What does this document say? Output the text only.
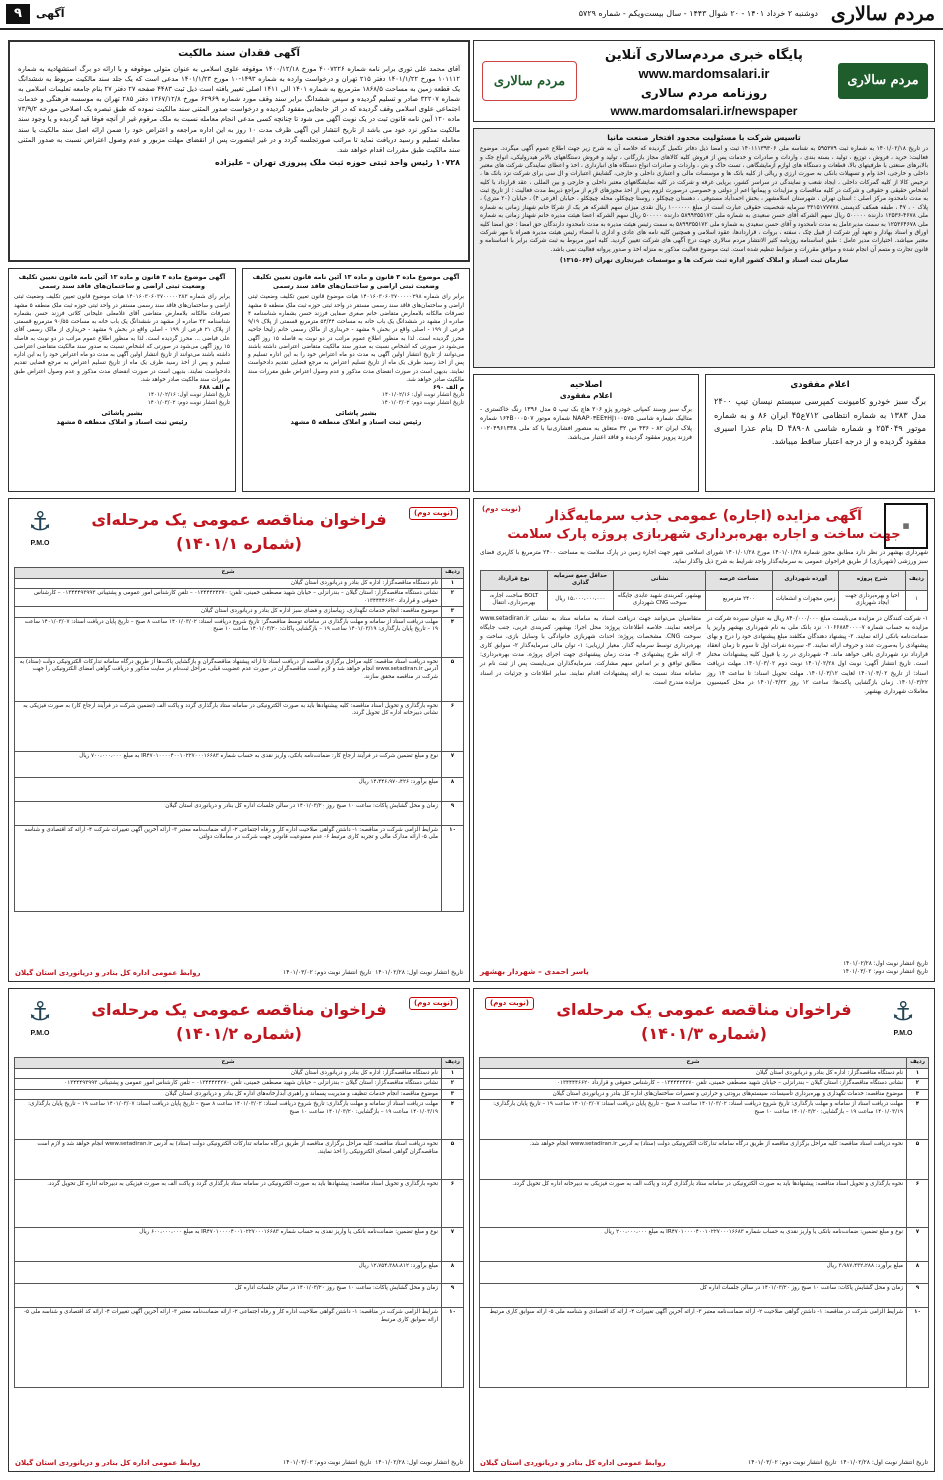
مردم سالاری
دوشنبه ۲ خرداد ۱۴۰۱ - ۲۰ شوال ۱۴۴۳ - سال بیست‌و‌یکم - شماره ۵۷۲۹
آگهی
۹
مردم سالاری
مردم سالاری
پایگاه خبری مردم‌سالاری آنلاین
www.mardomsalari.ir
روزنامه مردم سالاری
www.mardomsalari.ir/newspaper
تاسیس شرکت با مسئولیت محدود افتخار صنعت مانیا
در تاریخ ۱۴۰۱/۰۲/۱۸ به شماره ثبت ۵۹۵۳۷۹ به شناسه ملی ۱۴۰۱۱۱۳۹۳۰۶ ثبت و امضا ذیل دفاتر تکمیل گردیده که خلاصه آن به شرح زیر جهت اطلاع عموم آگهی میگردد. موضوع فعالیت: خرید ، فروش ، توزیع ، تولید ، بسته بندی ، واردات و صادرات و خدمات پس از فروش کلیه کالاهای مجاز بازرگانی ، تولید و فروش دستگاههای بالابر هیدرولیکی، انواع جک و بالابرهای صنعتی با ظرفیتهای بالا، قطعات و دستگاه های لوازم آزمایشگاهی ، تست خاک و بتن ، واردات و صادرات انواع دستگاه های انبارداری ، اخذ و اعطای نمایندگی شرکت های معتبر داخلی و خارجی، اخذ وام و تسهیلات بانکی به صورت ارزی و ریالی از کلیه بانک ها و موسسات مالی و اعتباری داخلی و خارجی، گشایش اعتبارات و ال سی برای شرکت نزد بانک ها ، ترخیص کالا از کلیه گمرکات داخلی ، ایجاد شعب و نمایندگی در سراسر کشور، برپایی غرفه و شرکت در کلیه نمایشگاههای معتبر داخلی و خارجی و بین المللی ، عقد قرارداد با کلیه اشخاص حقیقی و حقوقی و شرکت در کلیه مناقصات و مزایدات و پیمانها اعم از دولتی و خصوصی درصورت لزوم پس از اخذ مجوزهای لازم از مراجع ذیربط مدت فعالیت : از تاریخ ثبت به مدت نامحدود مرکز اصلی : استان تهران ، شهرستان اسلامشهر ، بخش احمدآباد مستوفی ، دهستان چیچکلو ، روستا چیچکلو، محله چیچکلو ، خیابان (فرعی ۴) ، خیابان (۲۰ متری) ، پلاک ۰ ، ۴۷ ، طبقه همکف کدپستی ۳۳۱۵۱۷۷۷۷۸ سرمایه شخصیت حقوقی عبارت است از مبلغ ۱۰۰۰۰۰۰ ریال نقدی میزان سهم الشرکه هر یک از شرکا خانم شهناز زمانی به شماره ملی ۴۶۷۸-۱۲۵۳۶ دارنده ۵۰۰۰۰۰ ریال سهم الشرکه آقای حسن سعیدی به شماره ملی ۵۸۹۹۳۵۵۱۷۲ دارنده ۵۰۰۰۰۰ ریال سهم الشرکه اعضا هیئت مدیره خانم شهناز زمانی به شماره ملی ۱۲۵۳۶۴۶۷۸ به سمت مدیرعامل به مدت نامحدود و آقای حسن سعیدی به شماره ملی ۵۸۹۹۳۵۵۱۷۲ به سمت رئیس هیئت مدیره به مدت نامحدود دارندگان حق امضا : حق امضا کلیه اوراق و اسناد بهادار و تعهد آور شرکت از قبیل چک ، سفته ، بروات ، قراردادها، عقود اسلامی و همچنین کلیه نامه های عادی و اداری با امضاء رئیس هیئت مدیره همراه با مهر شرکت معتبر میباشد. اختیارات مدیر عامل : طبق اساسنامه روزنامه کثیر الانتشار مردم سالاری جهت درج آگهی های شرکت تعیین گردید. کلیه امور مربوط به ثبت شرکت برابر با اساسنامه و قانون تجارت و متمم آن انجام شده و موافق مقررات و ضوابط تنظیم شده است. ثبت موضوع فعالیت مذکور به منزله اخذ و صدور پروانه فعالیت نمی باشد.
سازمان ثبت اسناد و املاک کشور اداره ثبت شرکت ها و موسسات غیرتجاری تهران (۱۳۱۵۰۶۴)
آگهی فقدان سند مالکیت
آقای محمد علی توری برابر نامه شماره ۴۰۰۷۲۲۶ مورخ ۱۴۰۰/۱۲/۱۸ موقوفه علوی اسلامی به عنوان متولی موقوفه و با ارائه دو برگ استشهادیه به شماره ۱۰۱۱۱۲ مورخ ۱۴۰۱/۱/۲۲ دفتر ۲۱۵ تهران و درخواست وارده به شماره ۱۴۹۳-۱۰ مورخ ۱۴۰۱/۱/۲۳ مدعی است که یک جلد سند مالکیت مربوط به ششدانگ یک قطعه زمین به مساحت ۱۸۶۸/۵ مترمربع به شماره ۱۴۰۱ الی ۱۴۱۱ اصلی تغییر یافته است ذیل ثبت ۴۴۸۳ صفحه ۲۷ دفتر ۲۷ بنام جامعه تعلیمات اسلامی به شماره ۳۲۲۰۷ صادر و تسلیم گردیده و سپس ششدانگ برابر سند وقف مورد شماره ۶۲۹۶۹ مورخ ۱۳۶۷/۱۲/۸ دفتر ۲۸۵ تهران به موسسه فرهنگی و خدمات اجتماعی علوی اسلامی وقف گردیده که در اثر جابجایی مفقود گردیده و درخواست صدور المثنی سند مالکیت نموده که طبق تبصره یک اصلاحی مورخه ۷۳/۹/۲ ماده ۱۲۰ آیین نامه قانون ثبت در یک نوبت آگهی می شود تا چنانچه کسی مدعی انجام معامله نسبت به ملک مرقوم غیر از آنچه فوقا قید گردیده و یا وجود سند مالکیت مذکور نزد خود می باشد از تاریخ انتشار این آگهی ظرف مدت ۱۰ روز به این اداره مراجعه و اعتراض خود را ضمن ارائه اصل سند مالکیت یا سند معامله تسلیم و رسید دریافت نماید تا مراتب صورتجلسه گردد و در غیر اینصورت پس از انقضای مهلت مزبور و عدم وصول اعتراض نسبت به صدور المثنی سند مالکیت طبق مقررات اقدام خواهد شد.
۱۰۷۲۸ رئیس واحد ثبتی حوزه ثبت ملک پیروزی تهران – علیزاده
آگهی موضوع ماده ۳ قانون و ماده ۱۳ آئین نامه قانون تعیین تکلیف وضعیت ثبتی اراضی و ساختمان‌های فاقد سند رسمی
برابر رای شماره ۱۴۰۱۶۰۳۰۶۰۳۷۰۰۰۰۰۲۸۳ هیات موضوع قانون تعیین تکلیف وضعیت ثبتی اراضی و ساختمان‌های فاقد سند رسمی مستقر در واحد ثبتی حوزه ثبت ملک منطقه ۵ مشهد تصرفات مالکانه بلامعارض متقاضی آقای غلامعلی علیخانی کلاتی فرزند حسن بشماره شناسنامه ۴۳ صادره از مشهد در ششدانگ یک باب خانه به مساحت ۹۰/۵۵ مترمربع قسمتی از پلاک ۲۱ فرعی از ۱۹۹ - اصلی واقع در بخش ۹ مشهد - خریداری از مالک رسمی آقای علی فیاضی ... محرز گردیده است. لذا به منظور اطلاع عموم مراتب در دو نوبت به فاصله ۱۵ روز آگهی می‌شود در صورتی که اشخاص نسبت به صدور سند مالکیت متقاضی اعتراضی داشته باشند می‌توانند از تاریخ انتشار اولین آگهی به مدت دو ماه اعتراض خود را به این اداره تسلیم و پس از اخذ رسید ظرف یک ماه از تاریخ تسلیم اعتراض به مرجع قضایی تقدیم دادخواست نمایند. بدیهی است در صورت انقضای مدت مذکور و عدم وصول اعتراض طبق مقررات سند مالکیت صادر خواهد شد.
م الف ۶۸۸
تاریخ انتشار نوبت اول: ۱۴۰۱/۰۲/۱۶
تاریخ انتشار نوبت دوم: ۱۴۰۱/۰۳/۰۲
بشیر پاشائی
رئیس ثبت اسناد و املاک منطقه ۵ مشهد
آگهی موضوع ماده ۳ قانون و ماده ۱۳ آئین نامه قانون تعیین تکلیف وضعیت ثبتی اراضی و ساختمان‌های فاقد سند رسمی
برابر رای شماره ۱۴۰۱۶۰۳۰۶۰۳۷۰۰۰۰۰۲۹۸ هیات موضوع قانون تعیین تکلیف وضعیت ثبتی اراضی و ساختمان‌های فاقد سند رسمی مستقر در واحد ثبتی حوزه ثبت ملک منطقه ۵ مشهد تصرفات مالکانه بلامعارض متقاضی خانم صغری صفایی فرزند حسن بشماره شناسنامه ۴ صادره از مشهد در ششدانگ یک باب خانه به مساحت ۵۴/۴۴ مترمربع قسمتی از پلاک ۹/۱۹ فرعی از ۱۹۹ - اصلی واقع در بخش ۹ مشهد - خریداری از مالک رسمی خانم زلیخا جاحیه محرز گردیده است. لذا به منظور اطلاع عموم مراتب در دو نوبت به فاصله ۱۵ روز آگهی می‌شود در صورتی که اشخاص نسبت به صدور سند مالکیت متقاضی اعتراضی داشته باشند می‌توانند از تاریخ انتشار اولین آگهی به مدت دو ماه اعتراض خود را به این اداره تسلیم و پس از اخذ رسید ظرف یک ماه از تاریخ تسلیم اعتراض به مرجع قضایی تقدیم دادخواست نمایند. بدیهی است در صورت انقضای مدت مذکور و عدم وصول اعتراض طبق مقررات سند مالکیت صادر خواهد شد.
م الف ۶۹۰
تاریخ انتشار نوبت اول: ۱۴۰۱/۰۲/۱۶
تاریخ انتشار نوبت دوم: ۱۴۰۱/۰۳/۰۲
بشیر پاشائی
رئیس ثبت اسناد و املاک منطقه ۵ مشهد
اعلام مفقودی
برگ سبز خودرو کامیونت کمپرسی سیستم نیسان تیپ ۲۴۰۰ مدل ۱۳۸۳ به شماره انتظامی ۷۱۲ع۴۵ ایران ۸۶ و به شماره موتور ۲۵۴۰۴۹ و شماره شاسی D ۴۸۹۰۸ بنام عذرا اسیری مفقود گردیده و از درجه اعتبار ساقط میباشد.
اصلاحیه
اعلام مفقودی
برگ سبز وسند کمپانی خودرو پژو ۲۰۶ هاچ بک تیپ ۵ مدل ۱۳۹۶ رنگ خاکستری - متالیک شماره شاسی NAAP۰۳EE۴HJ۱۰۰۵۷۵ شماره موتور ۱۶۴B۰۰۰۵۰۷ شماره پلاک ایران ۸۲ - ۴۳۶ س ۳۲ متعلق به منصور افشاری‌نیا با کد ملی ۰۰۲۰۴۹۶۱۳۳۸ فرزند پرویز مفقود گردیده و فاقد اعتبار می‌باشد.
(نوبت دوم)
▦
آگهی مزایده (اجاره) عمومی جذب سرمایه‌گذار
جهت ساخت و اجاره بهره‌برداری شهربازی پروژه پارک سلامت
شهرداری بهشهر در نظر دارد مطابق مجوز شماره ۱۴۰۱/۰۱/۲۸ مورخ ۱۴۰۱/۰۱/۲۸ شورای اسلامی شهر جهت اجاره زمین در پارک سلامت به مساحت ۲۴۰۰ مترمربع با کاربری فضای سبز ورزشی (شهربازی) از طریق فراخوان عمومی به سرمایه‌گذار واجد شرایط به شرح ذیل واگذار نماید.
ردیف	شرح پروژه	آورده شهرداری	مساحت عرصه	نشانی	حداقل جمع سرمایه گذاری	نوع قرارداد
۱	احیا و بهره‌برداری جهت ایجاد شهربازی	زمین مجهزات و انشعابات	۲۴۰۰ مترمربع	بهشهر، کمربندی شهید عابدی جایگاه سوخت CNG شهرداری	۱۵،۰۰۰،۰۰۰،۰۰۰ ریال	BOLT ساخت، اجاره، بهره‌برداری، انتقال
۱- شرکت کنندگان در مزایده می‌بایست مبلغ ۸۴۰/۰۰۰/۰۰۰ ریال به عنوان سپرده شرکت در مزایده به حساب شماره ۰۱۰۶۶۸۸۴۰۰۰۰۷ نزد بانک ملی به نام شهرداری بهشهر واریز یا ضمانت‌نامه بانکی ارائه نمایند. ۲- پیشنهاد دهندگان مکلفند مبلغ پیشنهادی خود را درج و بهای پیشنهادی را به‌صورت عدد و حروف ارائه نمایند. ۳- سپرده نفرات اول تا سوم تا زمان انعقاد قرارداد نزد شهرداری باقی خواهد ماند. ۴- شهرداری در رد یا قبول کلیه پیشنهادات مختار است. تاریخ انتشار آگهی: نوبت اول ۱۴۰۱/۰۲/۲۸ نوبت دوم ۱۴۰۱/۰۳/۰۲. مهلت دریافت اسناد: از تاریخ ۱۴۰۱/۰۳/۰۲ لغایت ۱۴۰۱/۰۳/۱۲. مهلت تحویل اسناد: تا ساعت ۱۴ روز ۱۴۰۱/۰۳/۲۲. زمان بازگشایی پاکت‌ها: ساعت ۱۲ روز ۱۴۰۱/۰۳/۲۲ در محل کمیسیون معاملات شهرداری بهشهر.
متقاضیان می‌توانند جهت دریافت اسناد به سامانه ستاد به نشانی www.setadiran.ir مراجعه نمایند. خلاصه اطلاعات پروژه: محل اجرا: بهشهر، کمربندی غربی، جنب جایگاه سوخت CNG. مشخصات پروژه: احداث شهربازی خانوادگی با وسایل بازی، ساخت و بهره‌برداری توسط سرمایه گذار. معیار ارزیابی: ۱- توان مالی سرمایه‌گذار ۲- سوابق کاری ۳- ارائه طرح پیشنهادی ۴- مدت زمان پیشنهادی جهت اجرای پروژه. مدت بهره‌برداری: مطابق توافق و بر اساس سهم مشارکت. سرمایه‌گذاران می‌بایست پس از ثبت نام در سامانه ستاد نسبت به ارائه پیشنهادات اقدام نمایند. سایر اطلاعات و جزئیات در اسناد مزایده مندرج است.
تاریخ انتشار نوبت اول: ۱۴۰۱/۰۲/۲۸
تاریخ انتشار نوبت دوم: ۱۴۰۱/۰۳/۰۲
یاسر احمدی – شهردار بهشهر
(نوبت دوم)
فراخوان مناقصه عمومی یک مرحله‌ای
(شماره ۱۴۰۱/۱)
⚓
P.M.O
ردیف	شرح
۱	نام دستگاه مناقصه‌گزار: اداره کل بنادر و دریانوردی استان گیلان
۲	نشانی دستگاه مناقصه‌گزار: استان گیلان – بندرانزلی – خیابان شهید مصطفی خمینی، تلفن: ۰۱۳۴۴۴۲۴۲۷۰ – تلفن کارشناس امور عمومی و پشتیبانی ۰۱۳۴۴۴۹۳۹۹۳ – کارشناس حقوقی و قرارداد ۰۱۳۴۴۴۴۶۶۲۰
۳	موضوع مناقصه: انجام خدمات نگهداری، زیباسازی و فضای سبز اداره کل بنادر و دریانوردی استان گیلان
۴	مهلت دریافت اسناد از سامانه و مهلت بارگذاری در سامانه توسط مناقصه‌گر: تاریخ شروع دریافت اسناد: ۱۴۰۱/۰۳/۰۲ ساعت ۸ صبح – تاریخ پایان دریافت اسناد: ۱۴۰۱/۰۳/۰۷ ساعت ۱۹ – تاریخ پایان بارگذاری: ۱۴۰۱/۰۳/۱۹ ساعت ۱۹ – بازگشایی پاکات: ۱۴۰۱/۰۳/۲۰ ساعت ۱۰ صبح
۵	نحوه دریافت اسناد مناقصه: کلیه مراحل برگزاری مناقصه از دریافت اسناد تا ارائه پیشنهاد مناقصه‌گران و بازگشایی پاکت‌ها از طریق درگاه سامانه تدارکات الکترونیکی دولت (ستاد) به آدرس www.setadiran.ir انجام خواهد شد و لازم است مناقصه‌گران در صورت عدم عضویت قبلی، مراحل ثبت‌نام در سایت مذکور و دریافت گواهی امضای الکترونیکی را جهت شرکت در مناقصه محقق سازند.
۶	نحوه بارگذاری و تحویل اسناد مناقصه: کلیه پیشنهادها باید به صورت الکترونیکی در سامانه ستاد بارگذاری گردد و پاکت الف (تضمین شرکت در فرآیند ارجاع کار) به صورت فیزیکی به نشانی دبیرخانه اداره کل تحویل گردد.
۷	نوع و مبلغ تضمین شرکت در فرآیند ارجاع کار: ضمانت‌نامه بانکی، واریز نقدی به حساب شماره IR۴۷۰۱۰۰۰۰۴۰۰۱۰۲۲۷۰۰۰۱۶۶۸۳ به مبلغ ۷۰۰،۰۰۰،۰۰۰ ریال
۸	مبلغ برآورد: ۱۴،۴۴۶،۹۷۰،۴۲۶ ریال
۹	زمان و محل گشایش پاکات: ساعت ۱۰ صبح روز ۱۴۰۱/۰۳/۲۰ در سالن جلسات اداره کل بنادر و دریانوردی استان گیلان
۱۰	شرایط الزامی شرکت در مناقصه: ۱- داشتن گواهی صلاحیت اداره کار و رفاه اجتماعی ۲- ارائه ضمانت‌نامه معتبر ۳- ارائه آخرین آگهی تغییرات شرکت ۴- ارائه کد اقتصادی و شناسه ملی ۵- ارائه مدارک مالی و تجربه کاری مرتبط ۶- عدم ممنوعیت قانونی جهت شرکت در معاملات دولتی
تاریخ انتشار نوبت اول: ۱۴۰۱/۰۲/۲۸  تاریخ انتشار نوبت دوم: ۱۴۰۱/۰۳/۰۲
روابط عمومی اداره کل بنادر و دریانوردی استان گیلان
(نوبت دوم)	فراخوان مناقصه عمومی یک مرحله‌ای
(شماره ۱۴۰۱/۳)
⚓
P.M.O
ردیف	شرح
۱	نام دستگاه مناقصه‌گزار: اداره کل بنادر و دریانوردی استان گیلان
۲	نشانی دستگاه مناقصه‌گزار: استان گیلان – بندرانزلی – خیابان شهید مصطفی خمینی، تلفن ۰۱۳۴۴۴۲۴۲۷۰ – کارشناس حقوقی و قرارداد ۰۱۳۴۴۴۴۶۶۲۰
۳	موضوع مناقصه: خدمات نگهداری و بهره‌برداری تأسیسات، سیستم‌های برودتی و حرارتی و تعمیرات ساختمان‌های اداره کل بنادر و دریانوردی استان گیلان
۴	مهلت دریافت اسناد از سامانه و مهلت بارگذاری: تاریخ شروع دریافت اسناد: ۱۴۰۱/۰۳/۰۲ ساعت ۸ صبح – تاریخ پایان دریافت اسناد: ۱۴۰۱/۰۳/۰۷ ساعت ۱۹ – تاریخ پایان بارگذاری: ۱۴۰۱/۰۳/۱۹ ساعت ۱۹ – بازگشایی: ۱۴۰۱/۰۳/۲۰ ساعت ۱۰ صبح
۵	نحوه دریافت اسناد مناقصه: کلیه مراحل برگزاری مناقصه از طریق درگاه سامانه تدارکات الکترونیکی دولت (ستاد) به آدرس www.setadiran.ir انجام خواهد شد.
۶	نحوه بارگذاری و تحویل اسناد مناقصه: پیشنهادها باید به صورت الکترونیکی در سامانه ستاد بارگذاری گردد و پاکت الف به صورت فیزیکی به دبیرخانه اداره کل تحویل گردد.
۷	نوع و مبلغ تضمین: ضمانت‌نامه بانکی یا واریز نقدی به حساب شماره IR۴۷۰۱۰۰۰۰۴۰۰۱۰۲۲۷۰۰۰۱۶۶۸۳ به مبلغ ۲۰۰،۰۰۰،۰۰۰ ریال
۸	مبلغ برآورد: ۳،۹۸۷،۴۳۲،۲۸۸ ریال
۹	زمان و محل گشایش پاکات: ساعت ۱۰ صبح روز ۱۴۰۱/۰۳/۲۰ در سالن جلسات اداره کل
۱۰	شرایط الزامی شرکت در مناقصه: ۱- داشتن گواهی صلاحیت ۲- ارائه ضمانت‌نامه معتبر ۳- ارائه آخرین آگهی تغییرات ۴- ارائه کد اقتصادی و شناسه ملی ۵- ارائه سوابق کاری مرتبط
تاریخ انتشار نوبت اول: ۱۴۰۱/۰۲/۲۸  تاریخ انتشار نوبت دوم: ۱۴۰۱/۰۳/۰۲
روابط عمومی اداره کل بنادر و دریانوردی استان گیلان
(نوبت دوم)
فراخوان مناقصه عمومی یک مرحله‌ای
(شماره ۱۴۰۱/۲)
⚓
P.M.O
ردیف	شرح
۱	نام دستگاه مناقصه‌گزار: اداره کل بنادر و دریانوردی استان گیلان
۲	نشانی دستگاه مناقصه‌گزار: استان گیلان – بندرانزلی – خیابان شهید مصطفی خمینی، تلفن ۰۱۳۴۴۴۲۴۲۷۰ – تلفن کارشناس امور عمومی و پشتیبانی ۰۱۳۴۴۴۹۳۹۹۳
۳	موضوع مناقصه: انجام خدمات تنظیف و مدیریت پسماند و راهبری آبدارخانه‌های اداره کل بنادر و دریانوردی استان گیلان
۴	مهلت دریافت اسناد از سامانه و مهلت بارگذاری: تاریخ شروع دریافت اسناد: ۱۴۰۱/۰۳/۰۲ ساعت ۸ صبح – تاریخ پایان دریافت اسناد: ۱۴۰۱/۰۳/۰۷ ساعت ۱۹ – تاریخ پایان بارگذاری: ۱۴۰۱/۰۳/۱۹ ساعت ۱۹ – بازگشایی: ۱۴۰۱/۰۳/۲۰ ساعت ۱۰ صبح
۵	نحوه دریافت اسناد مناقصه: کلیه مراحل برگزاری مناقصه از طریق درگاه سامانه تدارکات الکترونیکی دولت (ستاد) به آدرس www.setadiran.ir انجام خواهد شد و لازم است مناقصه‌گران گواهی امضای الکترونیکی را اخذ نمایند.
۶	نحوه بارگذاری و تحویل اسناد مناقصه: پیشنهادها باید به صورت الکترونیکی در سامانه ستاد بارگذاری گردد و پاکت الف به صورت فیزیکی به دبیرخانه اداره کل تحویل گردد.
۷	نوع و مبلغ تضمین: ضمانت‌نامه بانکی یا واریز نقدی به حساب شماره IR۴۷۰۱۰۰۰۰۴۰۰۱۰۲۲۷۰۰۰۱۶۶۸۳ به مبلغ ۶۰۰،۰۰۰،۰۰۰ ریال
۸	مبلغ برآورد: ۱۲،۷۵۴،۳۸۸،۸۱۲ ریال
۹	زمان و محل گشایش پاکات: ساعت ۱۰ صبح روز ۱۴۰۱/۰۳/۲۰ در سالن جلسات اداره کل
۱۰	شرایط الزامی شرکت در مناقصه: ۱- داشتن گواهی صلاحیت اداره کار و رفاه اجتماعی ۲- ارائه ضمانت‌نامه معتبر ۳- ارائه آخرین آگهی تغییرات ۴- ارائه کد اقتصادی و شناسه ملی ۵- ارائه سوابق کاری مرتبط
تاریخ انتشار نوبت اول: ۱۴۰۱/۰۲/۲۸  تاریخ انتشار نوبت دوم: ۱۴۰۱/۰۳/۰۲
روابط عمومی اداره کل بنادر و دریانوردی استان گیلان
